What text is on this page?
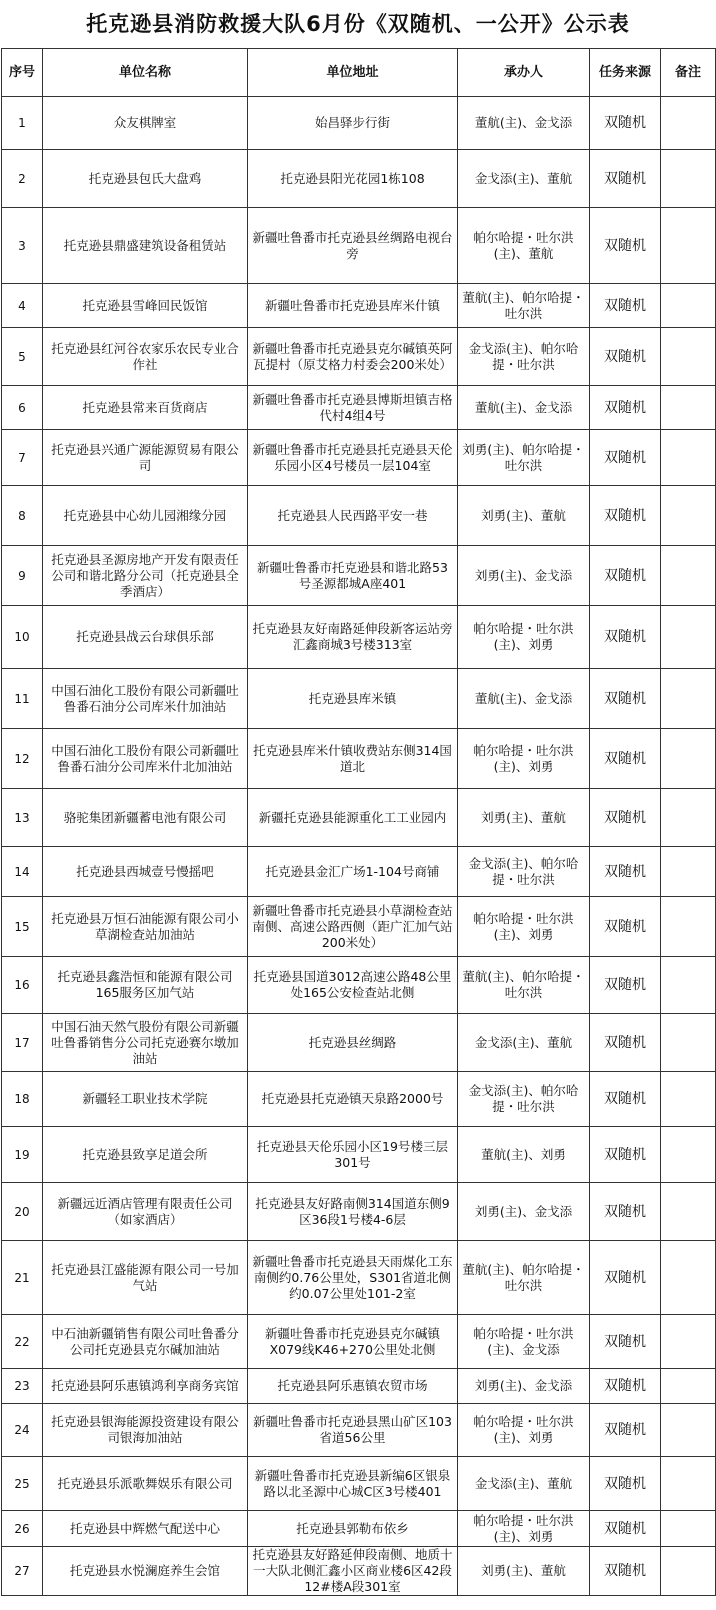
托克逊县消防救援大队6月份《双随机、一公开》公示表
序号	单位名称	单位地址	承办人	任务来源	备注
1	众友棋牌室	始昌驿步行街	董航(主)、金戈添	双随机	
2	托克逊县包氏大盘鸡	托克逊县阳光花园1栋108	金戈添(主)、董航	双随机	
3	托克逊县鼎盛建筑设备租赁站	新疆吐鲁番市托克逊县丝绸路电视台旁	帕尔哈提・吐尔洪(主)、董航	双随机	
4	托克逊县雪峰回民饭馆	新疆吐鲁番市托克逊县库米什镇	董航(主)、帕尔哈提・吐尔洪	双随机	
5	托克逊县红河谷农家乐农民专业合作社	新疆吐鲁番市托克逊县克尔碱镇英阿瓦提村（原艾格力村委会200米处）	金戈添(主)、帕尔哈提・吐尔洪	双随机	
6	托克逊县常来百货商店	新疆吐鲁番市托克逊县博斯坦镇吉格代村4组4号	董航(主)、金戈添	双随机	
7	托克逊县兴通广源能源贸易有限公司	新疆吐鲁番市托克逊县托克逊县天伦乐园小区4号楼员一层104室	刘勇(主)、帕尔哈提・吐尔洪	双随机	
8	托克逊县中心幼儿园湘缘分园	托克逊县人民西路平安一巷	刘勇(主)、董航	双随机	
9	托克逊县圣源房地产开发有限责任公司和谐北路分公司（托克逊县全季酒店）	新疆吐鲁番市托克逊县和谐北路53号圣源都城A座401	刘勇(主)、金戈添	双随机	
10	托克逊县战云台球俱乐部	托克逊县友好南路延伸段新客运站旁汇鑫商城3号楼313室	帕尔哈提・吐尔洪(主)、刘勇	双随机	
11	中国石油化工股份有限公司新疆吐鲁番石油分公司库米什加油站	托克逊县库米镇	董航(主)、金戈添	双随机	
12	中国石油化工股份有限公司新疆吐鲁番石油分公司库米什北加油站	托克逊县库米什镇收费站东侧314国道北	帕尔哈提・吐尔洪(主)、刘勇	双随机	
13	骆驼集团新疆蓄电池有限公司	新疆托克逊县能源重化工工业园内	刘勇(主)、董航	双随机	
14	托克逊县西城壹号慢摇吧	托克逊县金汇广场1-104号商铺	金戈添(主)、帕尔哈提・吐尔洪	双随机	
15	托克逊县万恒石油能源有限公司小草湖检查站加油站	新疆吐鲁番市托克逊县小草湖检查站南侧、高速公路西侧（距广汇加气站200米处）	帕尔哈提・吐尔洪(主)、刘勇	双随机	
16	托克逊县鑫浩恒和能源有限公司165服务区加气站	托克逊县国道3012高速公路48公里处165公安检查站北侧	董航(主)、帕尔哈提・吐尔洪	双随机	
17	中国石油天然气股份有限公司新疆吐鲁番销售分公司托克逊赛尔墩加油站	托克逊县丝绸路	金戈添(主)、董航	双随机	
18	新疆轻工职业技术学院	托克逊县托克逊镇天泉路2000号	金戈添(主)、帕尔哈提・吐尔洪	双随机	
19	托克逊县致享足道会所	托克逊县天伦乐园小区19号楼三层301号	董航(主)、刘勇	双随机	
20	新疆远近酒店管理有限责任公司（如家酒店）	托克逊县友好路南侧314国道东侧9区36段1号楼4-6层	刘勇(主)、金戈添	双随机	
21	托克逊县江盛能源有限公司一号加气站	新疆吐鲁番市托克逊县天雨煤化工东南侧约0.76公里处，S301省道北侧约0.07公里处101-2室	董航(主)、帕尔哈提・吐尔洪	双随机	
22	中石油新疆销售有限公司吐鲁番分公司托克逊县克尔碱加油站	新疆吐鲁番市托克逊县克尔碱镇X079线K46+270公里处北侧	帕尔哈提・吐尔洪(主)、金戈添	双随机	
23	托克逊县阿乐惠镇鸿利享商务宾馆	托克逊县阿乐惠镇农贸市场	刘勇(主)、金戈添	双随机	
24	托克逊县银海能源投资建设有限公司银海加油站	新疆吐鲁番市托克逊县黑山矿区103省道56公里	帕尔哈提・吐尔洪(主)、刘勇	双随机	
25	托克逊县乐派歌舞娱乐有限公司	新疆吐鲁番市托克逊县新编6区银泉路以北圣源中心城C区3号楼401	金戈添(主)、董航	双随机	
26	托克逊县中辉燃气配送中心	托克逊县郭勒布依乡	帕尔哈提・吐尔洪(主)、刘勇	双随机	
27	托克逊县水悦澜庭养生会馆	托克逊县友好路延伸段南侧、地质十一大队北侧汇鑫小区商业楼6区42段12#楼A段301室	刘勇(主)、董航	双随机	
